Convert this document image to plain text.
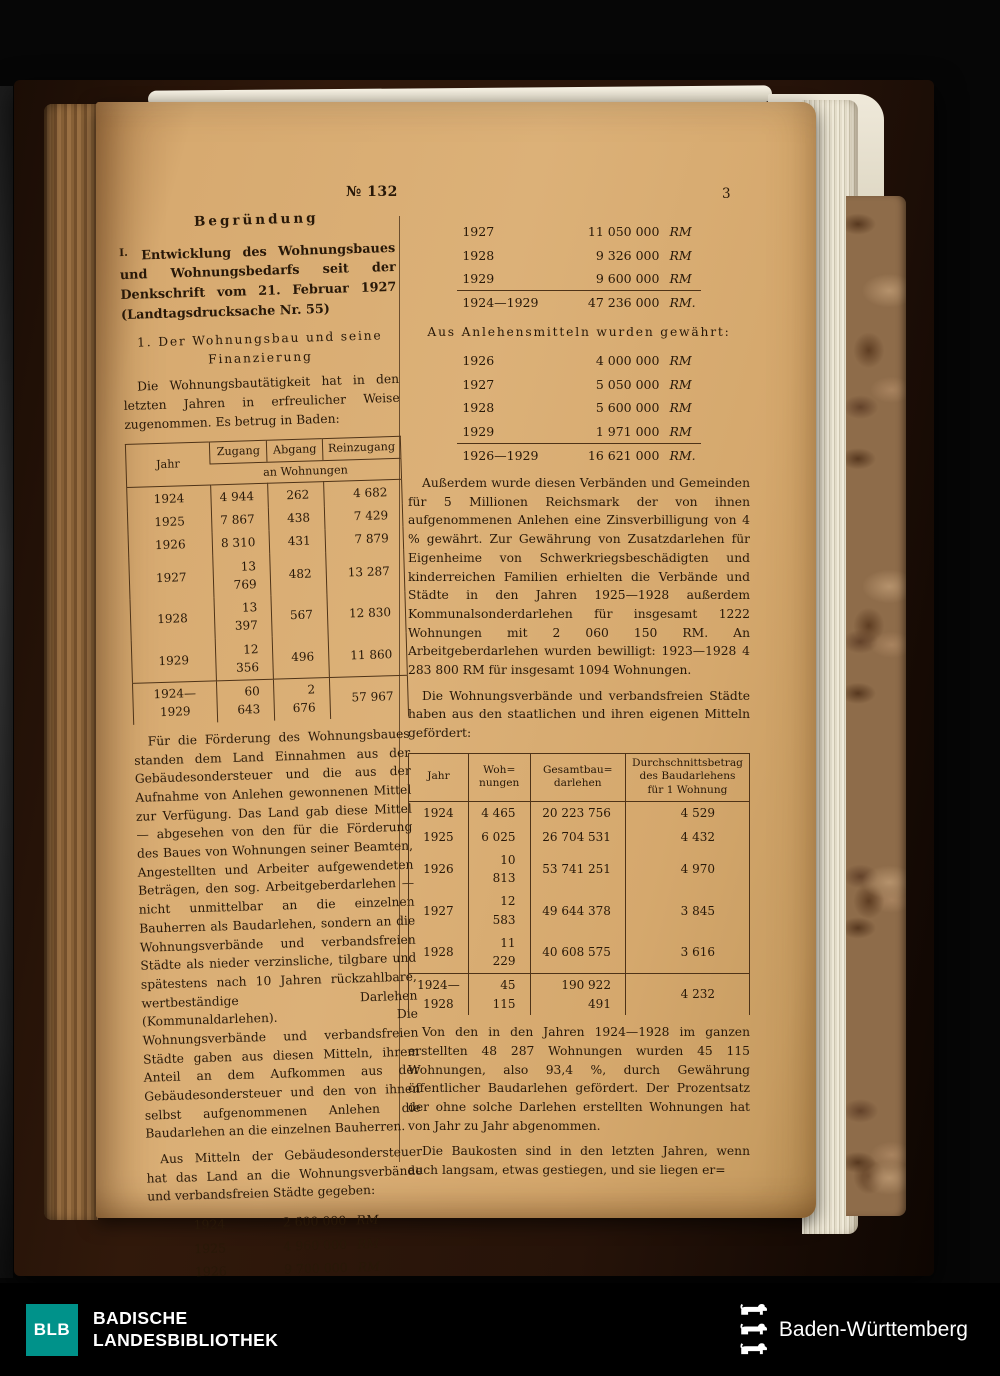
№ 132	3
Begründung
$^{I.}$ Entwicklung des Wohnungsbaues und Wohnungsbedarfs seit der Denkschrift vom 21. Februar 1927 (Landtagsdrucksache Nr. 55)
1. Der Wohnungsbau und seine Finanzierung

Die Wohnungsbautätigkeit hat in den letzten Jahren in erfreulicher Weise zugenommen. Es betrug in Baden:

Jahr	Zugang	Abgang	Reinzugang
	an Wohnungen		
1924	4 944	262	4 682
1925	7 867	438	7 429
1926	8 310	431	7 879
1927	13 769	482	13 287
1928	13 397	567	12 830
1929	12 356	496	11 860
1924—1929	60 643	2 676	57 967

Für die Förderung des Wohnungsbaues standen dem Land Einnahmen aus der Gebäudesondersteuer und die aus der Aufnahme von Anlehen gewonnenen Mittel zur Verfügung. Das Land gab diese Mittel — abgesehen von den für die Förderung des Baues von Wohnungen seiner Beamten, Angestellten und Arbeiter aufgewendeten Beträgen, den sog. Arbeitgeberdarlehen — nicht unmittelbar an die einzelnen Bauherren als Baudarlehen, sondern an die Wohnungsverbände und verbandsfreien Städte als nieder verzinsliche, tilgbare und spätestens nach 10 Jahren rückzahlbare, wertbeständige Darlehen (Kommunaldarlehen). Die Wohnungsverbände und verbandsfreien Städte gaben aus diesen Mitteln, ihrem Anteil an dem Aufkommen aus der Gebäudesondersteuer und den von ihnen selbst aufgenommenen Anlehen die Baudarlehen an die einzelnen Bauherren.

Aus Mitteln der Gebäudesondersteuer hat das Land an die Wohnungsverbände und verbandsfreien Städte gegeben:

1924	2 600 000	RM
1925	4 960 000	RM
1926	9 700 000	RM
1927	11 050 000	RM
1928	9 326 000	RM
1929	9 600 000	RM
1924—1929	47 236 000	RM.
Aus Anlehensmitteln wurden gewährt:
1926	4 000 000	RM
1927	5 050 000	RM
1928	5 600 000	RM
1929	1 971 000	RM
1926—1929	16 621 000	RM.

Außerdem wurde diesen Verbänden und Gemeinden für 5 Millionen Reichsmark der von ihnen aufgenommenen Anlehen eine Zinsverbilligung von 4 % gewährt. Zur Gewährung von Zusatzdarlehen für Eigenheime von Schwerkriegsbeschädigten und kinderreichen Familien erhielten die Verbände und Städte in den Jahren 1925—1928 außerdem Kommunalsonderdarlehen für insgesamt 1222 Wohnungen mit 2 060 150 RM. An Arbeitgeberdarlehen wurden bewilligt: 1923—1928 4 283 800 RM für insgesamt 1094 Wohnungen.

Die Wohnungsverbände und verbandsfreien Städte haben aus den staatlichen und ihren eigenen Mitteln gefördert:

Jahr	Woh= nungen	Gesamtbau= darlehen	Durchschnittsbetrag des Baudarlehens für 1 Wohnung
1924	4 465	20 223 756	4 529
1925	6 025	26 704 531	4 432
1926	10 813	53 741 251	4 970
1927	12 583	49 644 378	3 845
1928	11 229	40 608 575	3 616
1924—1928	45 115	190 922 491	4 232

Von den in den Jahren 1924—1928 im ganzen erstellten 48 287 Wohnungen wurden 45 115 Wohnungen, also 93,4 %, durch Gewährung öffentlicher Baudarlehen gefördert. Der Prozentsatz der ohne solche Darlehen erstellten Wohnungen hat von Jahr zu Jahr abgenommen.

Die Baukosten sind in den letzten Jahren, wenn auch langsam, etwas gestiegen, und sie liegen er=

BLB
BADISCHE
LANDESBIBLIOTHEK	Baden-Württemberg
